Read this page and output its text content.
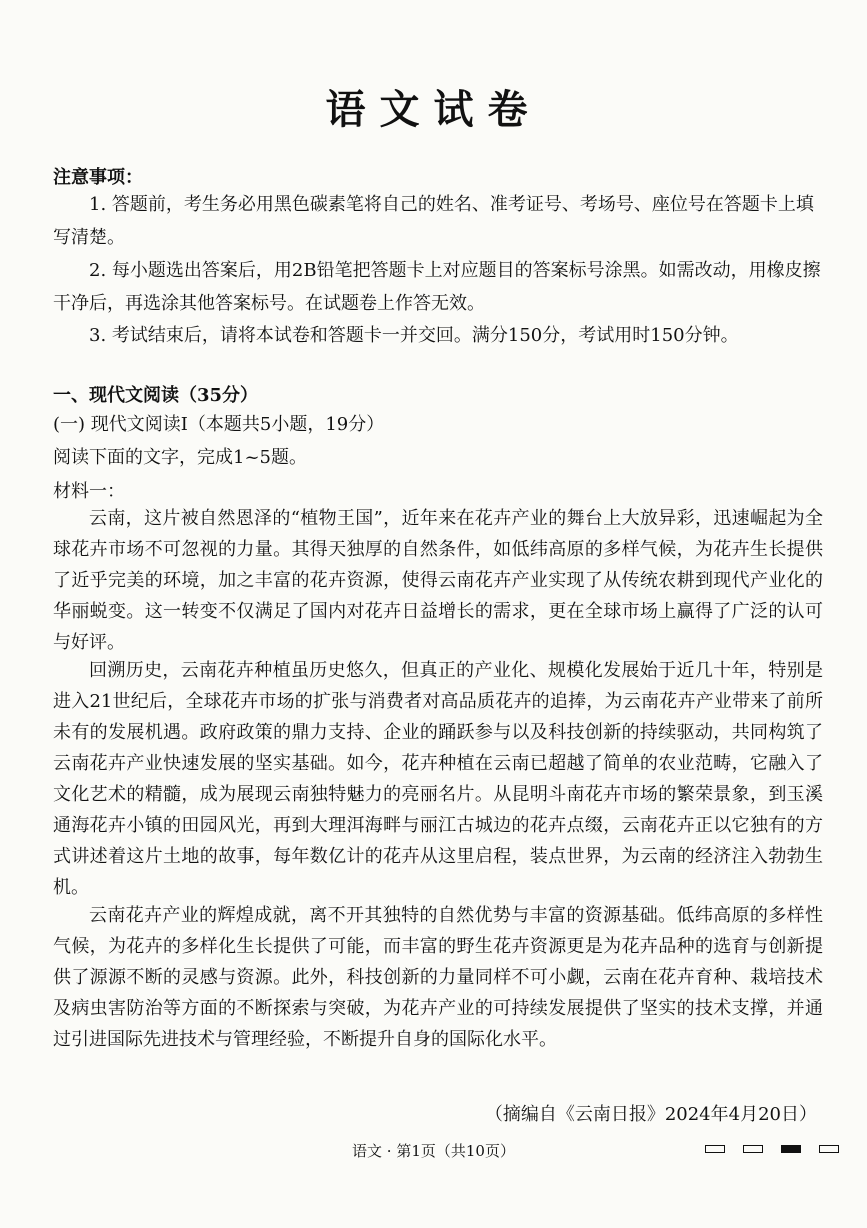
语文试卷
注意事项：

1. 答题前，考生务必用黑色碳素笔将自己的姓名、准考证号、考场号、座位号在答题卡上填写清楚。

2. 每小题选出答案后，用2B铅笔把答题卡上对应题目的答案标号涂黑。如需改动，用橡皮擦干净后，再选涂其他答案标号。在试题卷上作答无效。

3. 考试结束后，请将本试卷和答题卡一并交回。满分150分，考试用时150分钟。

一、现代文阅读（35分）
(一) 现代文阅读Ⅰ（本题共5小题，19分）
阅读下面的文字，完成1~5题。
材料一：

云南，这片被自然恩泽的“植物王国”，近年来在花卉产业的舞台上大放异彩，迅速崛起为全球花卉市场不可忽视的力量。其得天独厚的自然条件，如低纬高原的多样气候，为花卉生长提供了近乎完美的环境，加之丰富的花卉资源，使得云南花卉产业实现了从传统农耕到现代产业化的华丽蜕变。这一转变不仅满足了国内对花卉日益增长的需求，更在全球市场上赢得了广泛的认可与好评。

回溯历史，云南花卉种植虽历史悠久，但真正的产业化、规模化发展始于近几十年，特别是进入21世纪后，全球花卉市场的扩张与消费者对高品质花卉的追捧，为云南花卉产业带来了前所未有的发展机遇。政府政策的鼎力支持、企业的踊跃参与以及科技创新的持续驱动，共同构筑了云南花卉产业快速发展的坚实基础。如今，花卉种植在云南已超越了简单的农业范畴，它融入了文化艺术的精髓，成为展现云南独特魅力的亮丽名片。从昆明斗南花卉市场的繁荣景象，到玉溪通海花卉小镇的田园风光，再到大理洱海畔与丽江古城边的花卉点缀，云南花卉正以它独有的方式讲述着这片土地的故事，每年数亿计的花卉从这里启程，装点世界，为云南的经济注入勃勃生机。

云南花卉产业的辉煌成就，离不开其独特的自然优势与丰富的资源基础。低纬高原的多样性气候，为花卉的多样化生长提供了可能，而丰富的野生花卉资源更是为花卉品种的选育与创新提供了源源不断的灵感与资源。此外，科技创新的力量同样不可小觑，云南在花卉育种、栽培技术及病虫害防治等方面的不断探索与突破，为花卉产业的可持续发展提供了坚实的技术支撑，并通过引进国际先进技术与管理经验，不断提升自身的国际化水平。

（摘编自《云南日报》2024年4月20日）
语文 · 第1页（共10页）
